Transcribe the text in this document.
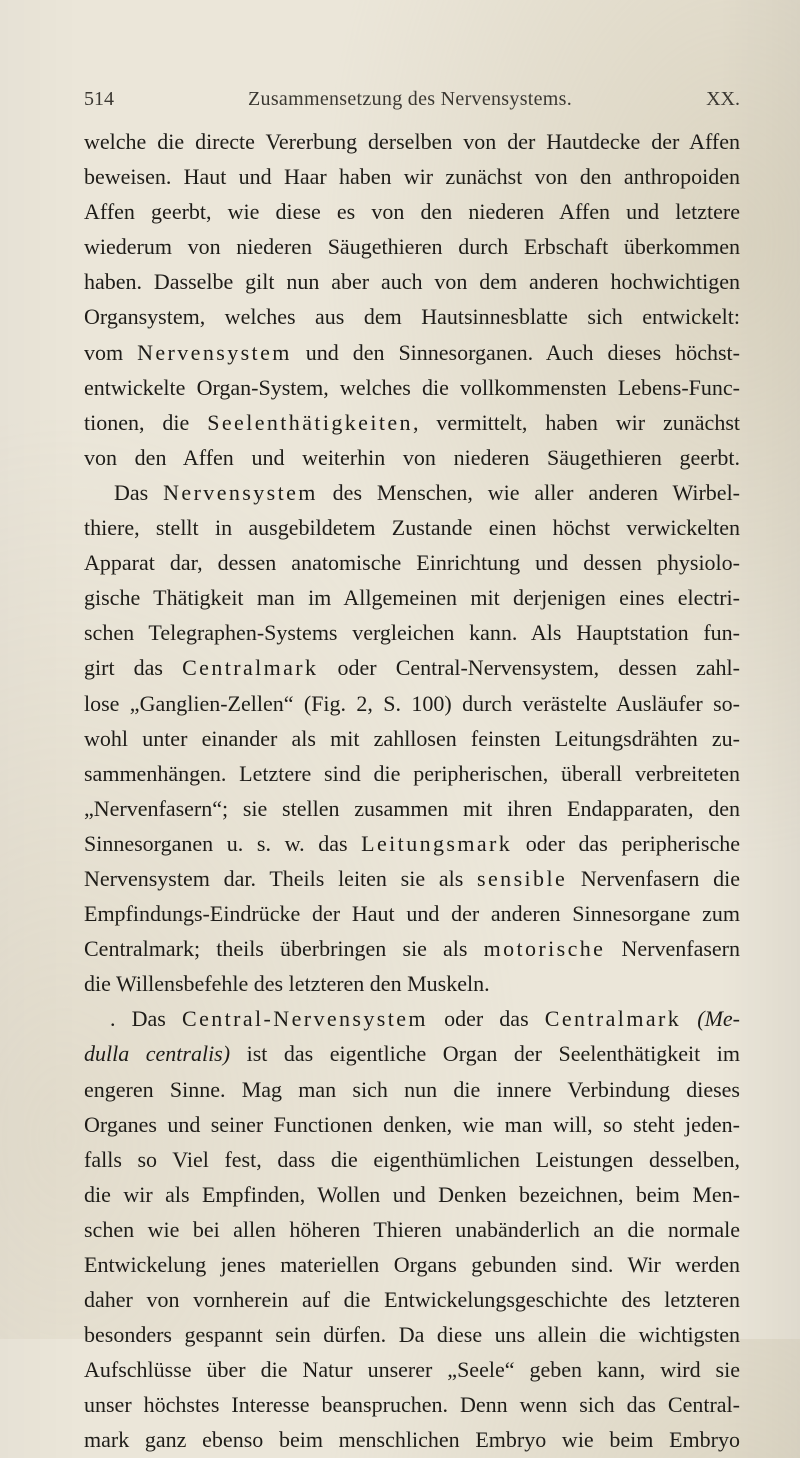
514	Zusammensetzung des Nervensystems.	XX.
welche die directe Vererbung derselben von der Hautdecke der Affen
beweisen. Haut und Haar haben wir zunächst von den anthropoiden
Affen geerbt, wie diese es von den niederen Affen und letztere
wiederum von niederen Säugethieren durch Erbschaft überkommen
haben. Dasselbe gilt nun aber auch von dem anderen hochwichtigen
Organsystem, welches aus dem Hautsinnesblatte sich entwickelt:
vom Nervensystem und den Sinnesorganen. Auch dieses höchst-
entwickelte Organ-System, welches die vollkommensten Lebens-Func-
tionen, die Seelenthätigkeiten, vermittelt, haben wir zunächst
von den Affen und weiterhin von niederen Säugethieren geerbt.
Das Nervensystem des Menschen, wie aller anderen Wirbel-
thiere, stellt in ausgebildetem Zustande einen höchst verwickelten
Apparat dar, dessen anatomische Einrichtung und dessen physiolo-
gische Thätigkeit man im Allgemeinen mit derjenigen eines electri-
schen Telegraphen-Systems vergleichen kann. Als Hauptstation fun-
girt das Centralmark oder Central-Nervensystem, dessen zahl-
lose „Ganglien-Zellen“ (Fig. 2, S. 100) durch verästelte Ausläufer so-
wohl unter einander als mit zahllosen feinsten Leitungsdrähten zu-
sammenhängen. Letztere sind die peripherischen, überall verbreiteten
„Nervenfasern“; sie stellen zusammen mit ihren Endapparaten, den
Sinnesorganen u. s. w. das Leitungsmark oder das peripherische
Nervensystem dar. Theils leiten sie als sensible Nervenfasern die
Empfindungs-Eindrücke der Haut und der anderen Sinnesorgane zum
Centralmark; theils überbringen sie als motorische Nervenfasern
die Willensbefehle des letzteren den Muskeln.
. Das Central-Nervensystem oder das Centralmark (Me-
dulla centralis) ist das eigentliche Organ der Seelenthätigkeit im
engeren Sinne. Mag man sich nun die innere Verbindung dieses
Organes und seiner Functionen denken, wie man will, so steht jeden-
falls so Viel fest, dass die eigenthümlichen Leistungen desselben,
die wir als Empfinden, Wollen und Denken bezeichnen, beim Men-
schen wie bei allen höheren Thieren unabänderlich an die normale
Entwickelung jenes materiellen Organs gebunden sind. Wir werden
daher von vornherein auf die Entwickelungsgeschichte des letzteren
besonders gespannt sein dürfen. Da diese uns allein die wichtigsten
Aufschlüsse über die Natur unserer „Seele“ geben kann, wird sie
unser höchstes Interesse beanspruchen. Denn wenn sich das Central-
mark ganz ebenso beim menschlichen Embryo wie beim Embryo
